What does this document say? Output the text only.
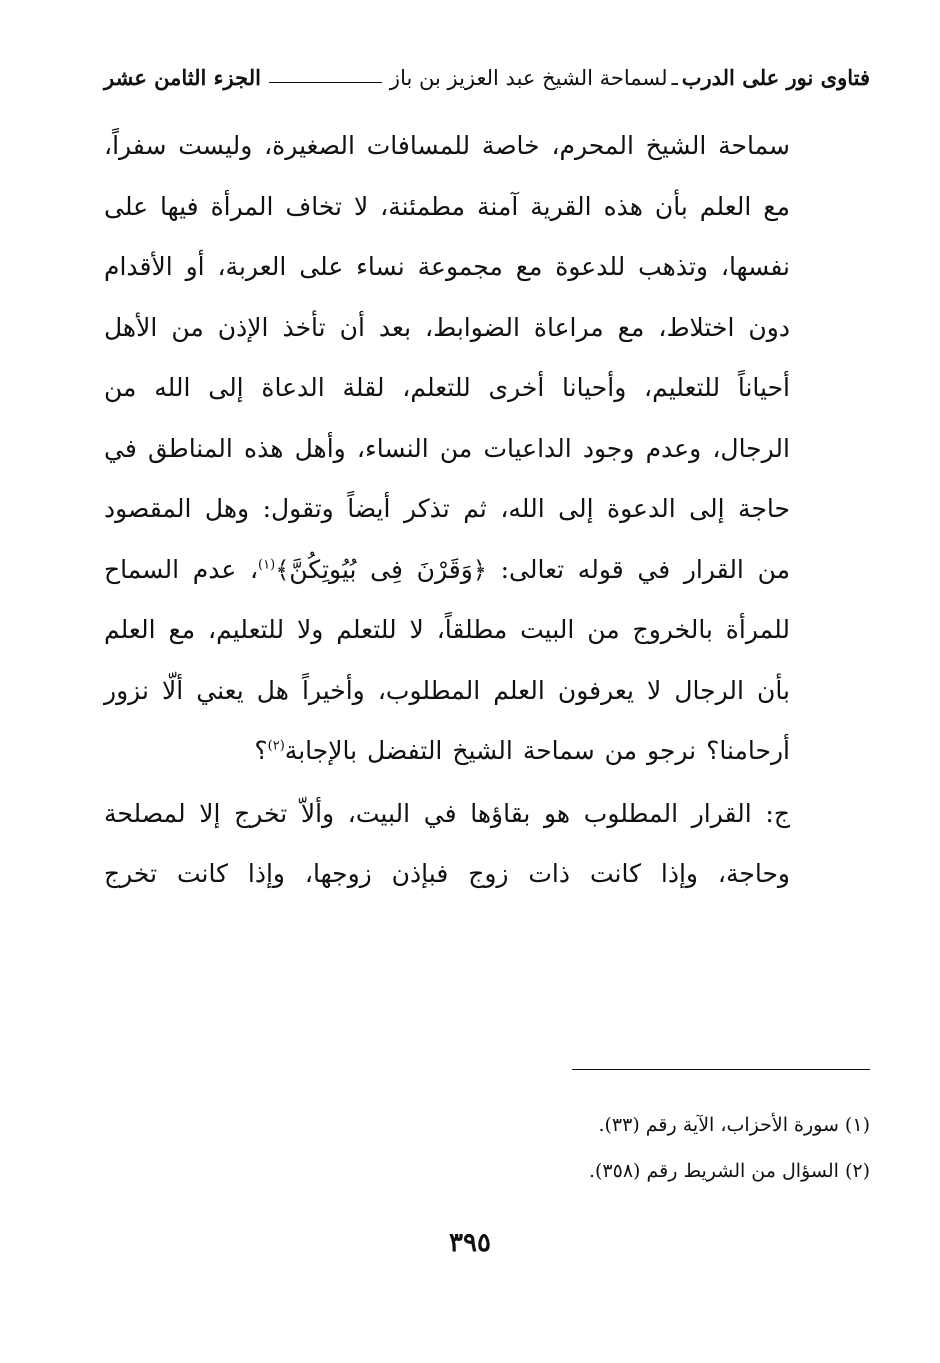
فتاوى نور على الدرب
ـ
لسماحة الشيخ عبد العزيز بن باز
الجزء الثامن عشر

سماحة الشيخ المحرم، خاصة للمسافات الصغيرة، وليست سفراً، مع العلم بأن هذه القرية آمنة مطمئنة، لا تخاف المرأة فيها على نفسها، وتذهب للدعوة مع مجموعة نساء على العربة، أو الأقدام دون اختلاط، مع مراعاة الضوابط، بعد أن تأخذ الإذن من الأهل أحياناً للتعليم، وأحيانا أخرى للتعلم، لقلة الدعاة إلى الله من الرجال، وعدم وجود الداعيات من النساء، وأهل هذه المناطق في حاجة إلى الدعوة إلى الله، ثم تذكر أيضاً وتقول: وهل المقصود من القرار في قوله تعالى: ﴿وَقَرْنَ فِى بُيُوتِكُنَّ﴾$^{(١)}$، عدم السماح للمرأة بالخروج من البيت مطلقاً، لا للتعلم ولا للتعليم، مع العلم بأن الرجال لا يعرفون العلم المطلوب، وأخيراً هل يعني ألّا نزور أرحامنا؟ نرجو من سماحة الشيخ التفضل بالإجابة$^{(٢)}$؟

ج: القرار المطلوب هو بقاؤها في البيت، وألاّ تخرج إلا لمصلحة وحاجة، وإذا كانت ذات زوج فبإذن زوجها، وإذا كانت تخرج

(١) سورة الأحزاب، الآية رقم (٣٣).
(٢) السؤال من الشريط رقم (٣٥٨).
٣٩٥
